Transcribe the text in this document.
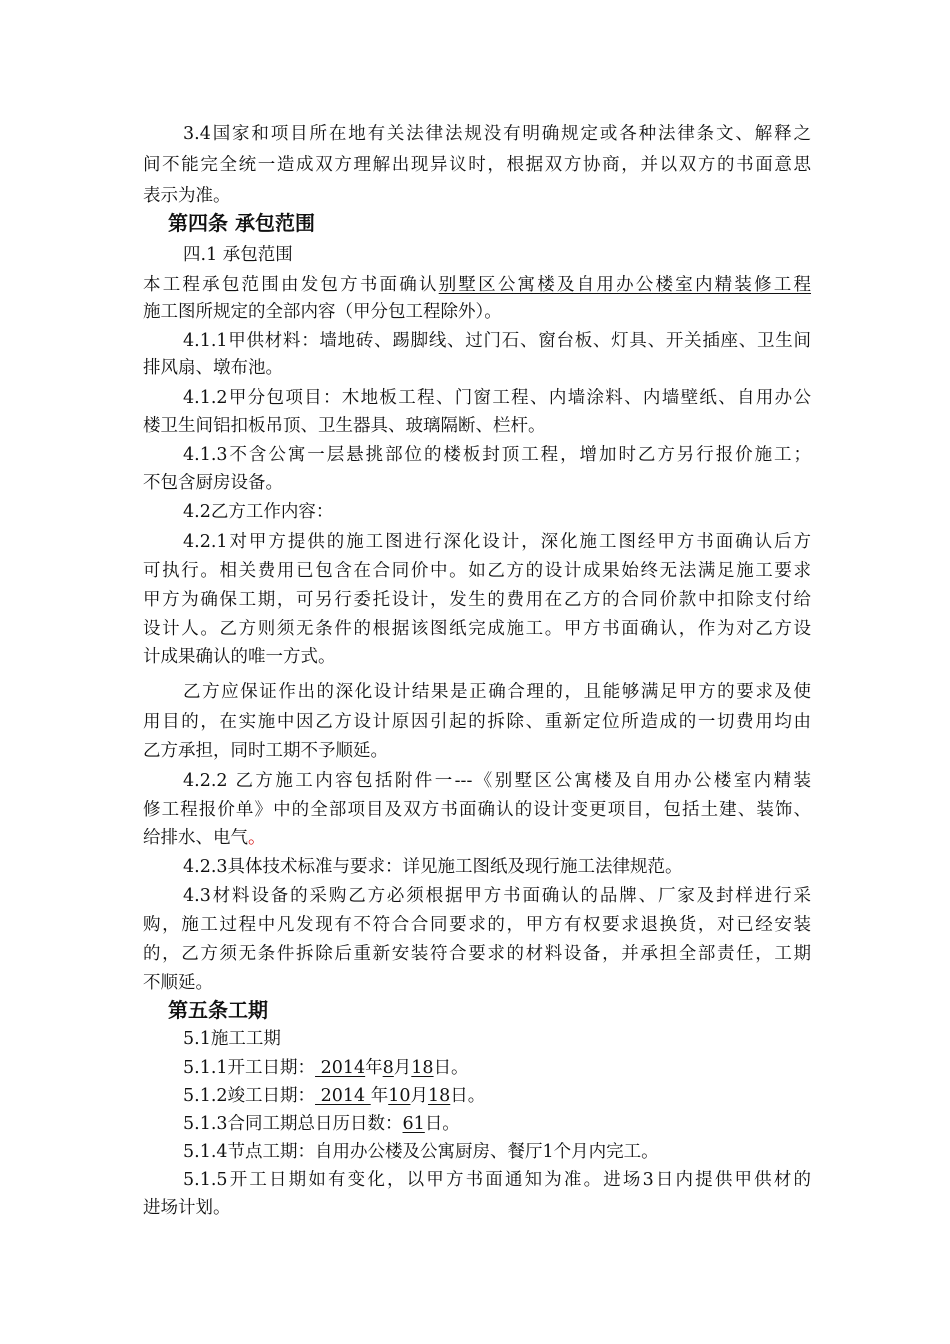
3.4国家和项目所在地有关法律法规没有明确规定或各种法律条文、解释之
间不能完全统一造成双方理解出现异议时，根据双方协商，并以双方的书面意思
表示为准。
第四条 承包范围
四.1 承包范围
本工程承包范围由发包方书面确认别墅区公寓楼及自用办公楼室内精装修工程
施工图所规定的全部内容（甲分包工程除外）。
4.1.1甲供材料：墙地砖、踢脚线、过门石、窗台板、灯具、开关插座、卫生间
排风扇、墩布池。
4.1.2甲分包项目：木地板工程、门窗工程、内墙涂料、内墙壁纸、自用办公
楼卫生间铝扣板吊顶、卫生器具、玻璃隔断、栏杆。
4.1.3不含公寓一层悬挑部位的楼板封顶工程，增加时乙方另行报价施工；
不包含厨房设备。
4.2乙方工作内容：
4.2.1对甲方提供的施工图进行深化设计，深化施工图经甲方书面确认后方
可执行。相关费用已包含在合同价中。如乙方的设计成果始终无法满足施工要求
甲方为确保工期，可另行委托设计，发生的费用在乙方的合同价款中扣除支付给
设计人。乙方则须无条件的根据该图纸完成施工。甲方书面确认，作为对乙方设
计成果确认的唯一方式。
乙方应保证作出的深化设计结果是正确合理的，且能够满足甲方的要求及使
用目的，在实施中因乙方设计原因引起的拆除、重新定位所造成的一切费用均由
乙方承担，同时工期不予顺延。
4.2.2 乙方施工内容包括附件一---《别墅区公寓楼及自用办公楼室内精装
修工程报价单》中的全部项目及双方书面确认的设计变更项目，包括土建、装饰、
给排水、电气。
4.2.3具体技术标准与要求：详见施工图纸及现行施工法律规范。
4.3材料设备的采购乙方必须根据甲方书面确认的品牌、厂家及封样进行采
购，施工过程中凡发现有不符合合同要求的，甲方有权要求退换货，对已经安装
的，乙方须无条件拆除后重新安装符合要求的材料设备，并承担全部责任，工期
不顺延。
第五条工期
5.1施工工期
5.1.1开工日期： 2014年8月18日。
5.1.2竣工日期： 2014 年10月18日。
5.1.3合同工期总日历日数：61日。
5.1.4节点工期：自用办公楼及公寓厨房、餐厅1个月内完工。
5.1.5开工日期如有变化，以甲方书面通知为准。进场3日内提供甲供材的
进场计划。
